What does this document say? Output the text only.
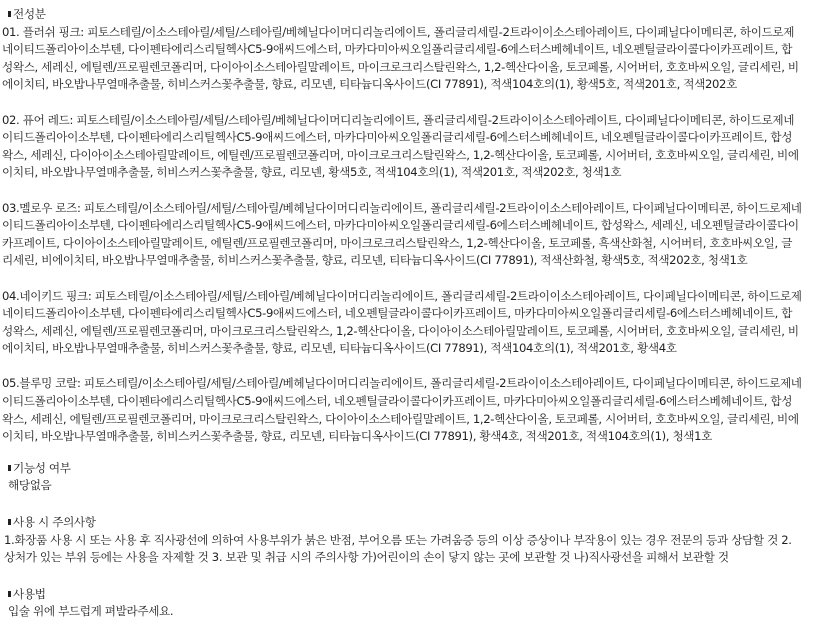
전성분

01. 플러쉬 핑크: 피토스테릴/이소스테아릴/세틸/스테아릴/베헤닐다이머디리놀리에이트, 폴리글리세릴-2트라이이소스테아레이트, 다이페닐다이메티콘, 하이드로제네이티드폴리아이소부텐, 다이펜타에리스리틸헥사C5-9애씨드에스터, 마카다미아씨오일폴리글리세릴-6에스터스베헤네이트, 네오펜틸글라이콜다이카프레이트, 합성왁스, 세레신, 에틸렌/프로필렌코폴리머, 다이아이소스테아릴말레이트, 마이크로크리스탈린왁스, 1,2-헥산다이올, 토코페롤, 시어버터, 호호바씨오일, 글리세린, 비에이치티, 바오밥나무열매추출물, 히비스커스꽃추출물, 향료, 리모넨, 티타늄디옥사이드(CI 77891), 적색104호의(1), 황색5호, 적색201호, 적색202호

02. 퓨어 레드: 피토스테릴/이소스테아릴/세틸/스테아릴/베헤닐다이머디리놀리에이트, 폴리글리세릴-2트라이이소스테아레이트, 다이페닐다이메티콘, 하이드로제네이티드폴리아이소부텐, 다이펜타에리스리틸헥사C5-9애씨드에스터, 마카다미아씨오일폴리글리세릴-6에스터스베헤네이트, 네오펜틸글라이콜다이카프레이트, 합성왁스, 세레신, 다이아이소스테아릴말레이트, 에틸렌/프로필렌코폴리머, 마이크로크리스탈린왁스, 1,2-헥산다이올, 토코페롤, 시어버터, 호호바씨오일, 글리세린, 비에이치티, 바오밥나무열매추출물, 히비스커스꽃추출물, 향료, 리모넨, 황색5호, 적색104호의(1), 적색201호, 적색202호, 청색1호

03.멜로우 로즈: 피토스테릴/이소스테아릴/세틸/스테아릴/베헤닐다이머디리놀리에이트, 폴리글리세릴-2트라이이소스테아레이트, 다이페닐다이메티콘, 하이드로제네이티드폴리아이소부텐, 다이펜타에리스리틸헥사C5-9애씨드에스터, 마카다미아씨오일폴리글리세릴-6에스터스베헤네이트, 합성왁스, 세레신, 네오펜틸글라이콜다이카프레이트, 다이아이소스테아릴말레이트, 에틸렌/프로필렌코폴리머, 마이크로크리스탈린왁스, 1,2-헥산다이올, 토코페롤, 흑색산화철, 시어버터, 호호바씨오일, 글리세린, 비에이치티, 바오밥나무열매추출물, 히비스커스꽃추출물, 향료, 리모넨, 티타늄디옥사이드(CI 77891), 적색산화철, 황색5호, 적색202호, 청색1호

04.네이키드 핑크: 피토스테릴/이소스테아릴/세틸/스테아릴/베헤닐다이머디리놀리에이트, 폴리글리세릴-2트라이이소스테아레이트, 다이페닐다이메티콘, 하이드로제네이티드폴리아이소부텐, 다이펜타에리스리틸헥사C5-9애씨드에스터, 네오펜틸글라이콜다이카프레이트, 마카다미아씨오일폴리글리세릴-6에스터스베헤네이트, 합성왁스, 세레신, 에틸렌/프로필렌코폴리머, 마이크로크리스탈린왁스, 1,2-헥산다이올, 다이아이소스테아릴말레이트, 토코페롤, 시어버터, 호호바씨오일, 글리세린, 비에이치티, 바오밥나무열매추출물, 히비스커스꽃추출물, 향료, 리모넨, 티타늄디옥사이드(CI 77891), 적색104호의(1), 적색201호, 황색4호

05.블루밍 코랄: 피토스테릴/이소스테아릴/세틸/스테아릴/베헤닐다이머디리놀리에이트, 폴리글리세릴-2트라이이소스테아레이트, 다이페닐다이메티콘, 하이드로제네이티드폴리아이소부텐, 다이펜타에리스리틸헥사C5-9애씨드에스터, 네오펜틸글라이콜다이카프레이트, 마카다미아씨오일폴리글리세릴-6에스터스베헤네이트, 합성왁스, 세레신, 에틸렌/프로필렌코폴리머, 마이크로크리스탈린왁스, 다이아이소스테아릴말레이트, 1,2-헥산다이올, 토코페롤, 시어버터, 호호바씨오일, 글리세린, 비에이치티, 바오밥나무열매추출물, 히비스커스꽃추출물, 향료, 리모넨, 티타늄디옥사이드(CI 77891), 황색4호, 적색201호, 적색104호의(1), 청색1호

기능성 여부

해당없음

사용 시 주의사항

1.화장품 사용 시 또는 사용 후 직사광선에 의하여 사용부위가 붉은 반점, 부어오름 또는 가려움증 등의 이상 증상이나 부작용이 있는 경우 전문의 등과 상담할 것 2. 상처가 있는 부위 등에는 사용을 자제할 것 3. 보관 및 취급 시의 주의사항 가)어린이의 손이 닿지 않는 곳에 보관할 것 나)직사광선을 피해서 보관할 것

사용법

입술 위에 부드럽게 펴발라주세요.
